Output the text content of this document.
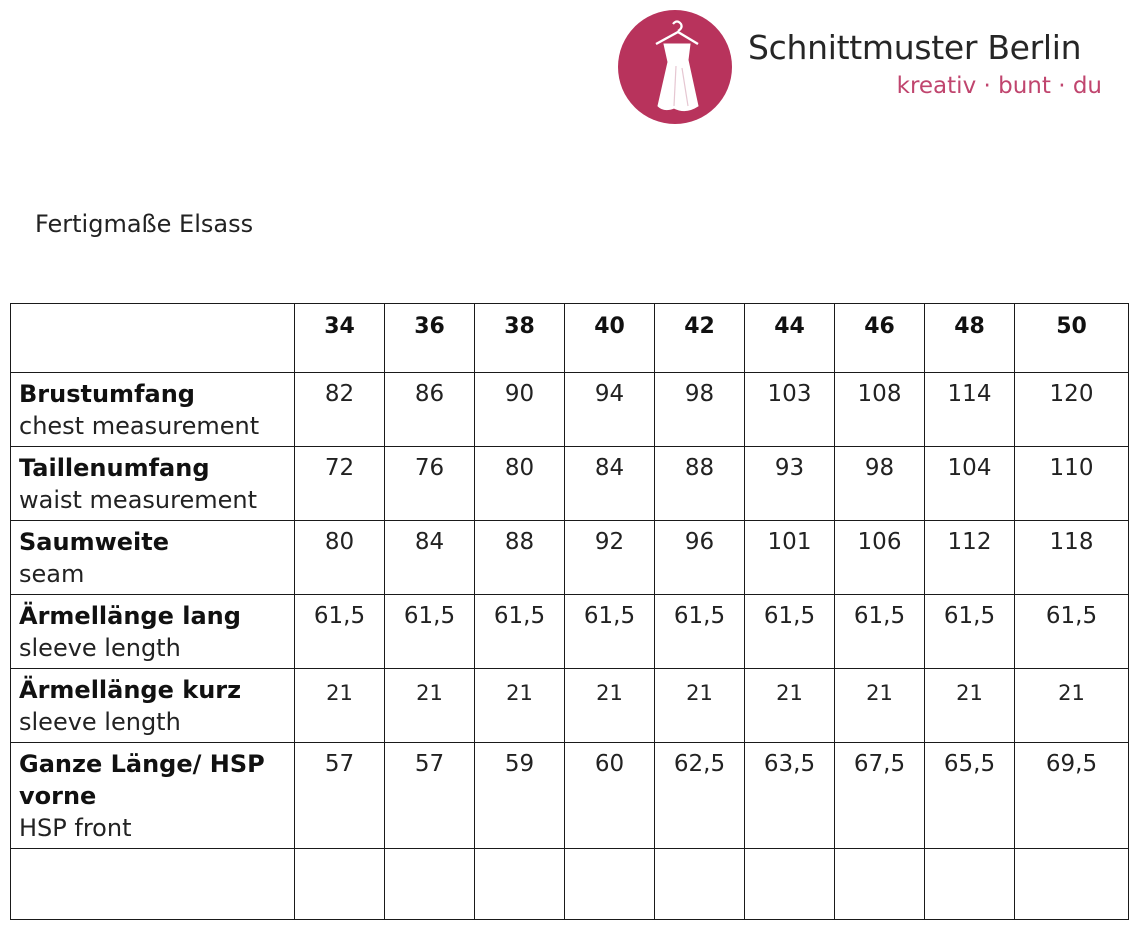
Schnittmuster Berlin
kreativ · bunt · du
Fertigmaße Elsass
	34	36	38	40	42	44	46	48	50

Brustumfang
chest measurement	82	86	90	94	98	103	108	114	120

Taillenumfang
waist measurement	72	76	80	84	88	93	98	104	110

Saumweite
seam	80	84	88	92	96	101	106	112	118

Ärmellänge lang
sleeve length	61,5	61,5	61,5	61,5	61,5	61,5	61,5	61,5	61,5

Ärmellänge kurz
sleeve length	21	21	21	21	21	21	21	21	21

Ganze Länge/ HSP vorne
HSP front	57	57	59	60	62,5	63,5	67,5	65,5	69,5
